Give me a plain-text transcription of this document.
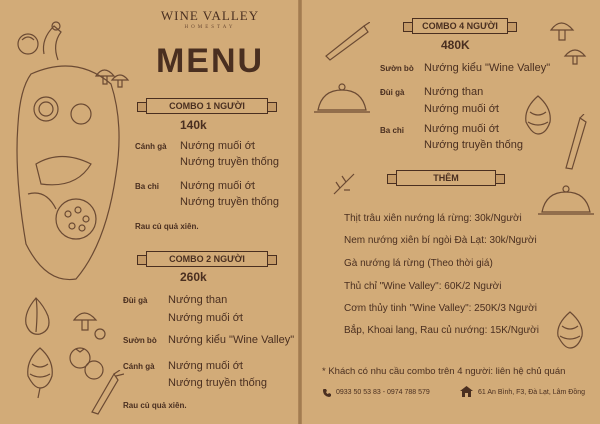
WINE VALLEY
HOMESTAY
MENU
COMBO 1 NGƯỜI
140k
Cánh gà Nướng muối ớt
Nướng truyền thống
Ba chỉ Nướng muối ớt
Nướng truyền thống
Rau củ quả xiên.
COMBO 2 NGƯỜI
260k
Đùi gà Nướng than
Nướng muối ớt
Sườn bò Nướng kiểu "Wine Valley"
Cánh gà Nướng muối ớt
Nướng truyền thống
Rau củ quả xiên.
COMBO 4 NGƯỜI
480K
Sườn bò Nướng kiểu "Wine Valley"
Đùi gà Nướng than
Nướng muối ớt
Ba chỉ Nướng muối ớt
Nướng truyền thống
THÊM
Thịt trâu xiên nướng lá rừng: 30k/Người
Nem nướng xiên bí ngòi Đà Lạt: 30k/Người
Gà nướng lá rừng (Theo thời giá)
Thủ chỉ "Wine Valley": 60K/2 Người
Cơm thủy tinh "Wine Valley": 250K/3 Người
Bắp, Khoai lang, Rau củ nướng: 15K/Người
* Khách có nhu cầu combo trên 4 người: liên hệ chủ quán
0933 50 53 83 - 0974 788 579	61 An Bình, F3, Đà Lạt, Lâm Đồng
